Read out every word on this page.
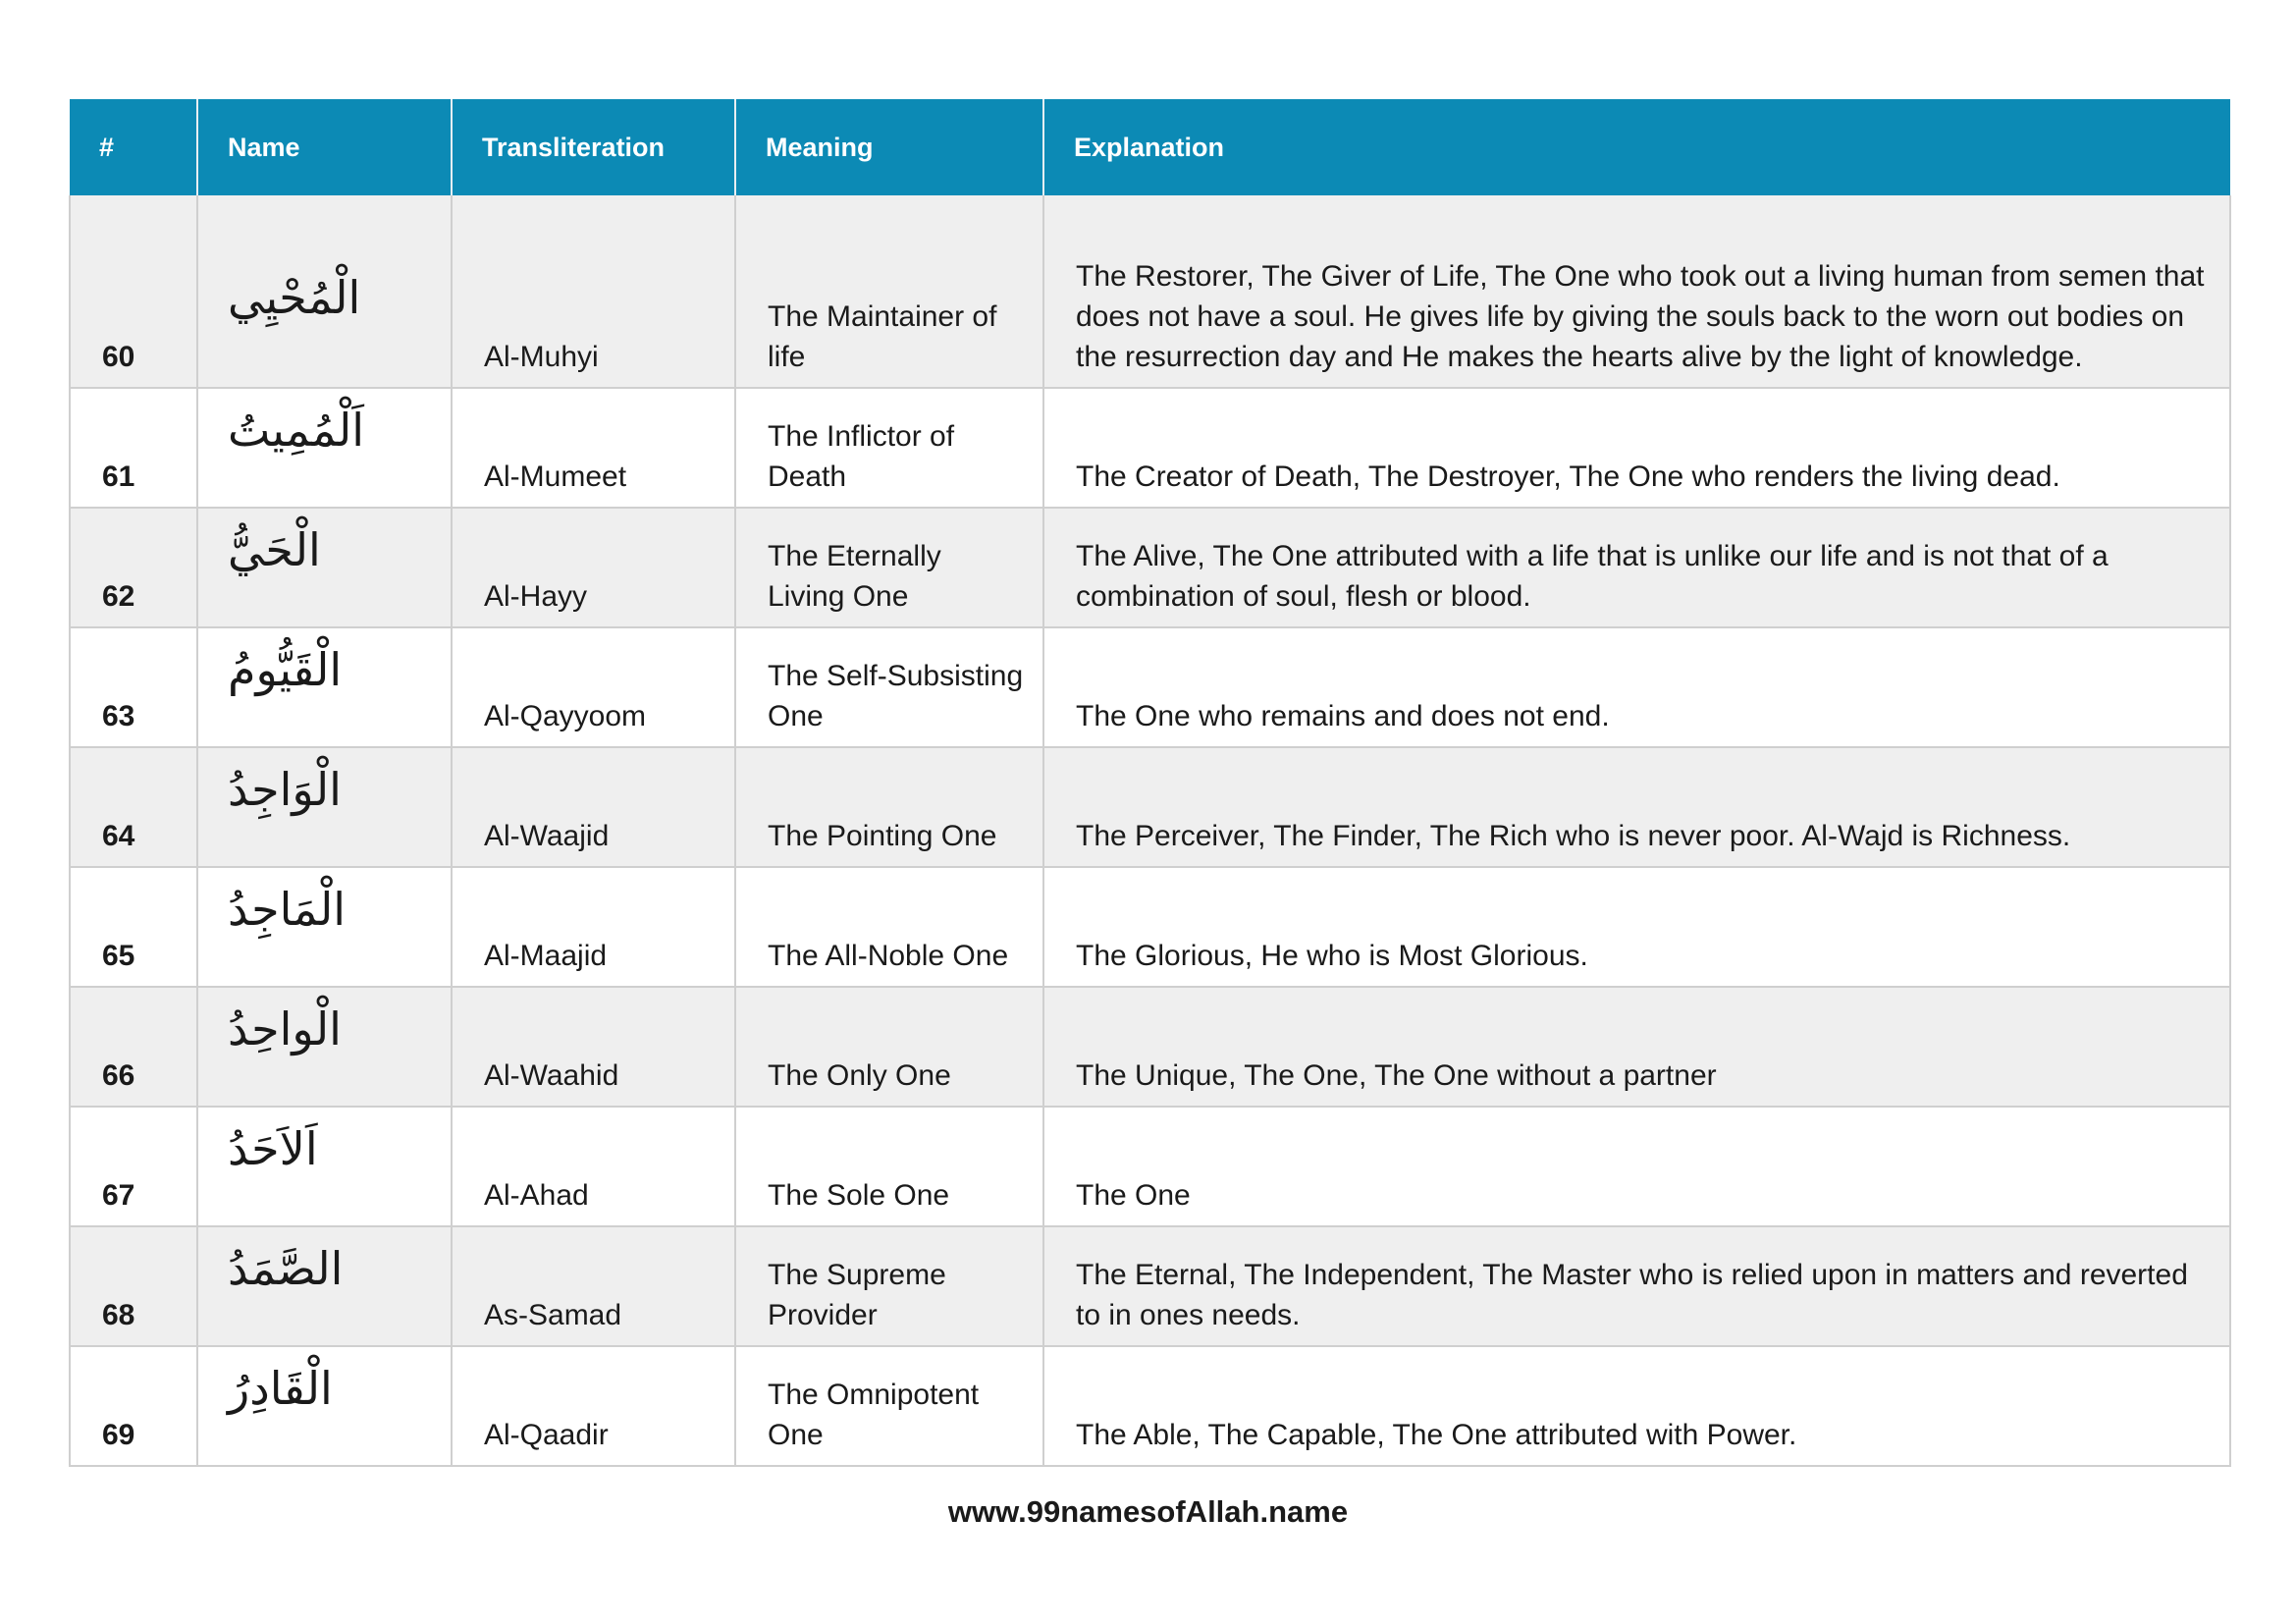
#	Name	Transliteration	Meaning	Explanation
60	الْمُحْيِي	Al-Muhyi	The Maintainer of life	The Restorer, The Giver of Life, The One who took out a living human from semen that does not have a soul. He gives life by giving the souls back to the worn out bodies on the resurrection day and He makes the hearts alive by the light of knowledge.
61	اَلْمُمِيتُ	Al-Mumeet	The Inflictor of Death	The Creator of Death, The Destroyer, The One who renders the living dead.
62	الْحَيُّ	Al-Hayy	The Eternally Living One	The Alive, The One attributed with a life that is unlike our life and is not that of a combination of soul, flesh or blood.
63	الْقَيُّومُ	Al-Qayyoom	The Self-Subsisting One	The One who remains and does not end.
64	الْوَاجِدُ	Al-Waajid	The Pointing One	The Perceiver, The Finder, The Rich who is never poor. Al-Wajd is Richness.
65	الْمَاجِدُ	Al-Maajid	The All-Noble One	The Glorious, He who is Most Glorious.
66	الْواحِدُ	Al-Waahid	The Only One	The Unique, The One, The One without a partner
67	اَلاَحَدُ	Al-Ahad	The Sole One	The One
68	الصَّمَدُ	As-Samad	The Supreme Provider	The Eternal, The Independent, The Master who is relied upon in matters and reverted to in ones needs.
69	الْقَادِرُ	Al-Qaadir	The Omnipotent One	The Able, The Capable, The One attributed with Power.
www.99namesofAllah.name
